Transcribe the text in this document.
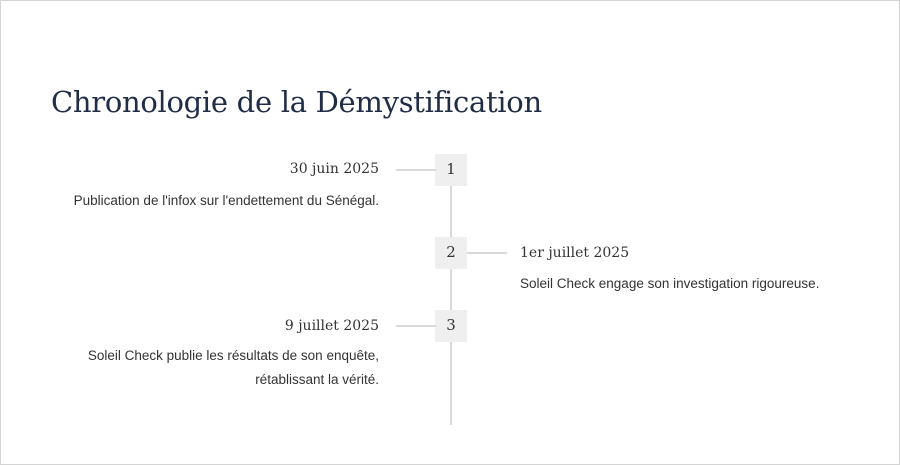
Chronologie de la Démystification
1
30 juin 2025
Publication de l'infox sur l'endettement du Sénégal.
2	1er juillet 2025
Soleil Check engage son investigation rigoureuse.
3
9 juillet 2025
Soleil Check publie les résultats de son enquête,
rétablissant la vérité.
